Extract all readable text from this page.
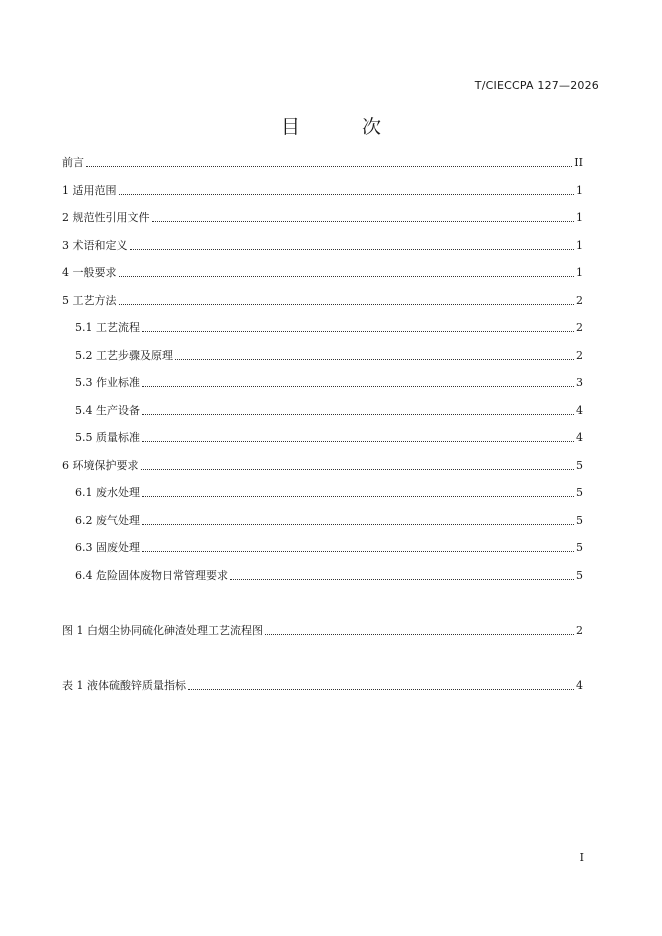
T/CIECCPA 127—2026
目 次
前言	II
1 适用范围	1
2 规范性引用文件	1
3 术语和定义	1
4 一般要求	1
5 工艺方法	2
5.1 工艺流程	2
5.2 工艺步骤及原理	2
5.3 作业标准	3
5.4 生产设备	4
5.5 质量标准	4
6 环境保护要求	5
6.1 废水处理	5
6.2 废气处理	5
6.3 固废处理	5
6.4 危险固体废物日常管理要求	5
图 1 白烟尘协同硫化砷渣处理工艺流程图	2
表 1 液体硫酸锌质量指标	4
I
